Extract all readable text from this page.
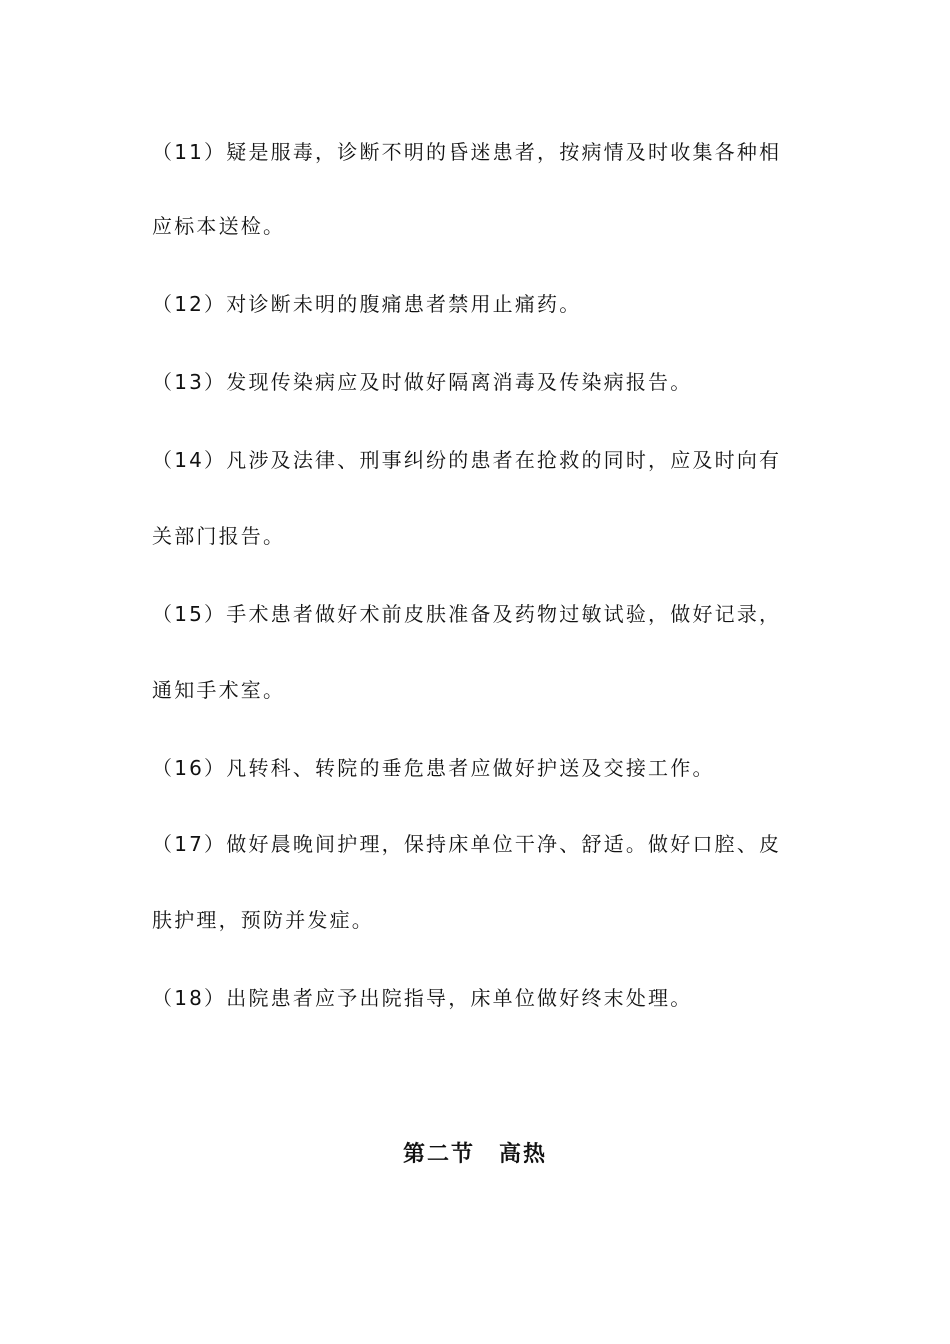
（11）疑是服毒，诊断不明的昏迷患者，按病情及时收集各种相
应标本送检。
（12）对诊断未明的腹痛患者禁用止痛药。
（13）发现传染病应及时做好隔离消毒及传染病报告。
（14）凡涉及法律、刑事纠纷的患者在抢救的同时，应及时向有
关部门报告。
（15）手术患者做好术前皮肤准备及药物过敏试验，做好记录，
通知手术室。
（16）凡转科、转院的垂危患者应做好护送及交接工作。
（17）做好晨晚间护理，保持床单位干净、舒适。做好口腔、皮
肤护理，预防并发症。
（18）出院患者应予出院指导，床单位做好终末处理。
第二节　高热
